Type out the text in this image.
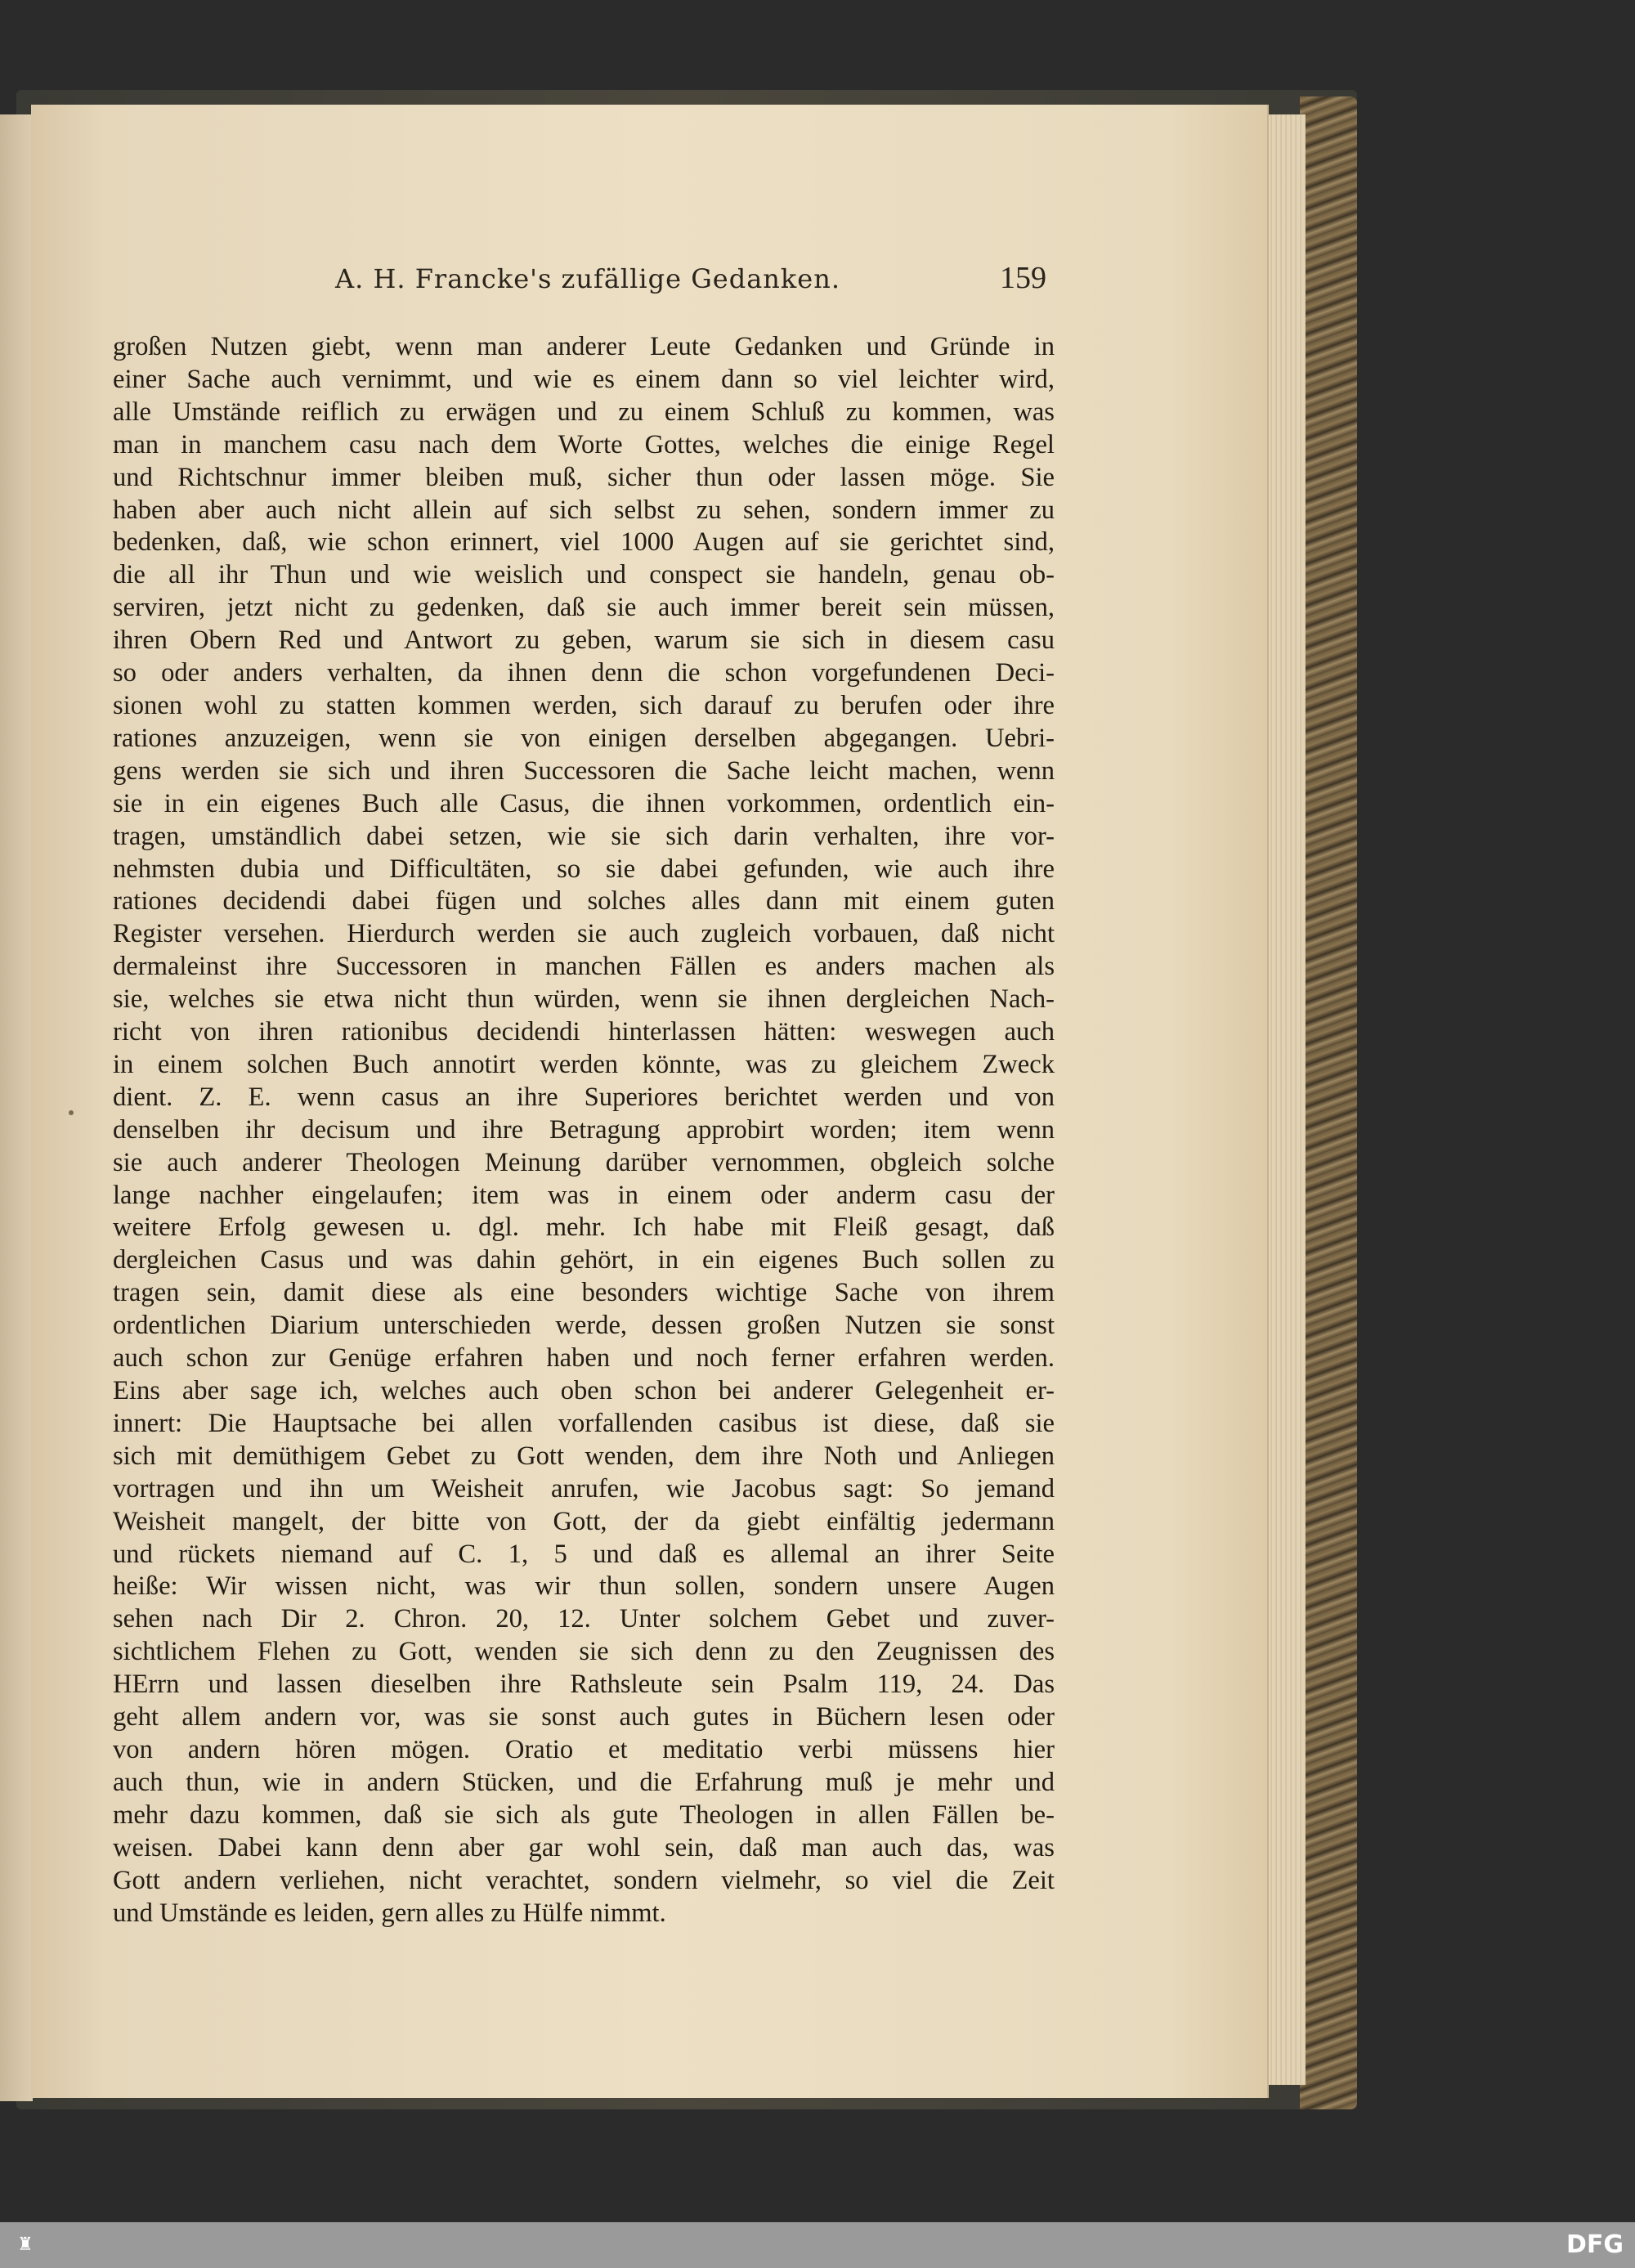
A. H. Francke's zufällige Gedanken.	159
großen Nutzen giebt, wenn man anderer Leute Gedanken und Gründe in
einer Sache auch vernimmt, und wie es einem dann so viel leichter wird,
alle Umstände reiflich zu erwägen und zu einem Schluß zu kommen, was
man in manchem casu nach dem Worte Gottes, welches die einige Regel
und Richtschnur immer bleiben muß, sicher thun oder lassen möge. Sie
haben aber auch nicht allein auf sich selbst zu sehen, sondern immer zu
bedenken, daß, wie schon erinnert, viel 1000 Augen auf sie gerichtet sind,
die all ihr Thun und wie weislich und conspect sie handeln, genau ob-
serviren, jetzt nicht zu gedenken, daß sie auch immer bereit sein müssen,
ihren Obern Red und Antwort zu geben, warum sie sich in diesem casu
so oder anders verhalten, da ihnen denn die schon vorgefundenen Deci-
sionen wohl zu statten kommen werden, sich darauf zu berufen oder ihre
rationes anzuzeigen, wenn sie von einigen derselben abgegangen. Uebri-
gens werden sie sich und ihren Successoren die Sache leicht machen, wenn
sie in ein eigenes Buch alle Casus, die ihnen vorkommen, ordentlich ein-
tragen, umständlich dabei setzen, wie sie sich darin verhalten, ihre vor-
nehmsten dubia und Difficultäten, so sie dabei gefunden, wie auch ihre
rationes decidendi dabei fügen und solches alles dann mit einem guten
Register versehen. Hierdurch werden sie auch zugleich vorbauen, daß nicht
dermaleinst ihre Successoren in manchen Fällen es anders machen als
sie, welches sie etwa nicht thun würden, wenn sie ihnen dergleichen Nach-
richt von ihren rationibus decidendi hinterlassen hätten: weswegen auch
in einem solchen Buch annotirt werden könnte, was zu gleichem Zweck
dient. Z. E. wenn casus an ihre Superiores berichtet werden und von
denselben ihr decisum und ihre Betragung approbirt worden; item wenn
sie auch anderer Theologen Meinung darüber vernommen, obgleich solche
lange nachher eingelaufen; item was in einem oder anderm casu der
weitere Erfolg gewesen u. dgl. mehr. Ich habe mit Fleiß gesagt, daß
dergleichen Casus und was dahin gehört, in ein eigenes Buch sollen zu
tragen sein, damit diese als eine besonders wichtige Sache von ihrem
ordentlichen Diarium unterschieden werde, dessen großen Nutzen sie sonst
auch schon zur Genüge erfahren haben und noch ferner erfahren werden.
Eins aber sage ich, welches auch oben schon bei anderer Gelegenheit er-
innert: Die Hauptsache bei allen vorfallenden casibus ist diese, daß sie
sich mit demüthigem Gebet zu Gott wenden, dem ihre Noth und Anliegen
vortragen und ihn um Weisheit anrufen, wie Jacobus sagt: So jemand
Weisheit mangelt, der bitte von Gott, der da giebt einfältig jedermann
und rückets niemand auf C. 1, 5 und daß es allemal an ihrer Seite
heiße: Wir wissen nicht, was wir thun sollen, sondern unsere Augen
sehen nach Dir 2. Chron. 20, 12. Unter solchem Gebet und zuver-
sichtlichem Flehen zu Gott, wenden sie sich denn zu den Zeugnissen des
HErrn und lassen dieselben ihre Rathsleute sein Psalm 119, 24. Das
geht allem andern vor, was sie sonst auch gutes in Büchern lesen oder
von andern hören mögen. Oratio et meditatio verbi müssens hier
auch thun, wie in andern Stücken, und die Erfahrung muß je mehr und
mehr dazu kommen, daß sie sich als gute Theologen in allen Fällen be-
weisen. Dabei kann denn aber gar wohl sein, daß man auch das, was
Gott andern verliehen, nicht verachtet, sondern vielmehr, so viel die Zeit
und Umstände es leiden, gern alles zu Hülfe nimmt.
♜	DFG
